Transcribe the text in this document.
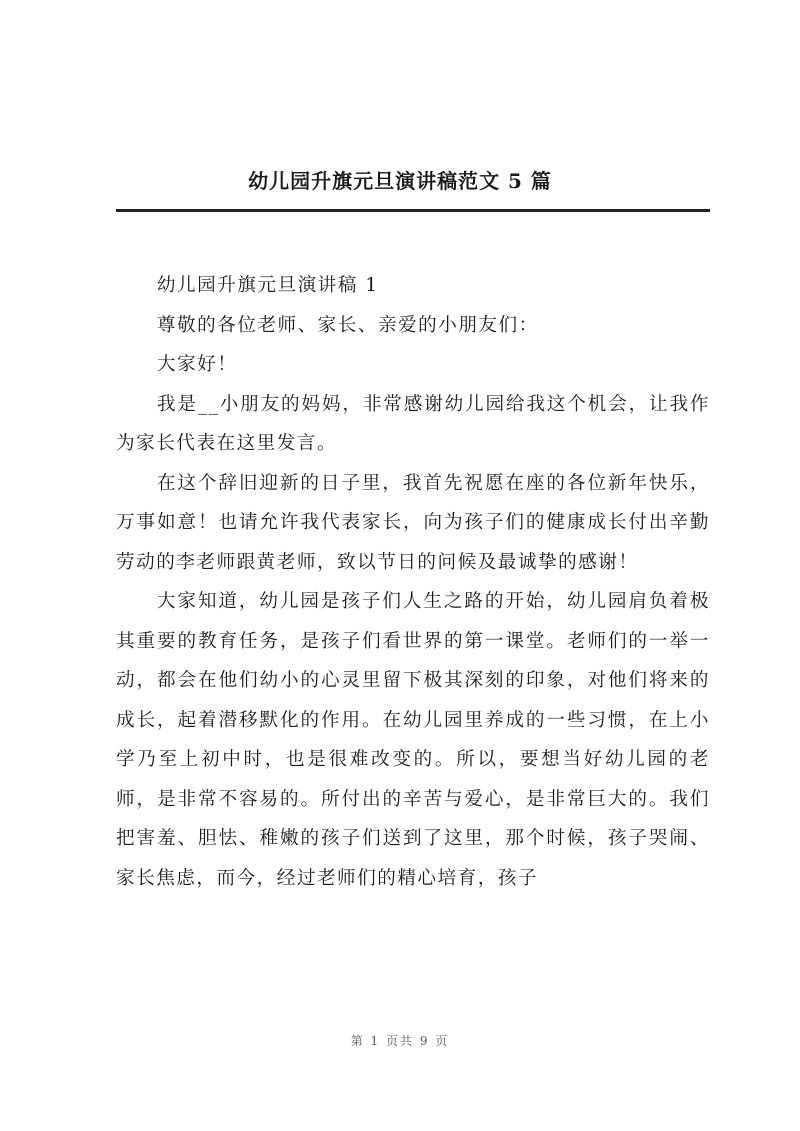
幼儿园升旗元旦演讲稿范文 5 篇

幼儿园升旗元旦演讲稿 1

尊敬的各位老师、家长、亲爱的小朋友们：

大家好！

我是__小朋友的妈妈，非常感谢幼儿园给我这个机会，让我作为家长代表在这里发言。

在这个辞旧迎新的日子里，我首先祝愿在座的各位新年快乐，万事如意！也请允许我代表家长，向为孩子们的健康成长付出辛勤劳动的李老师跟黄老师，致以节日的问候及最诚挚的感谢！

大家知道，幼儿园是孩子们人生之路的开始，幼儿园肩负着极其重要的教育任务，是孩子们看世界的第一课堂。老师们的一举一动，都会在他们幼小的心灵里留下极其深刻的印象，对他们将来的成长，起着潜移默化的作用。在幼儿园里养成的一些习惯，在上小学乃至上初中时，也是很难改变的。所以，要想当好幼儿园的老师，是非常不容易的。所付出的辛苦与爱心，是非常巨大的。我们把害羞、胆怯、稚嫩的孩子们送到了这里，那个时候，孩子哭闹、家长焦虑，而今，经过老师们的精心培育，孩子

第 1 页共 9 页
